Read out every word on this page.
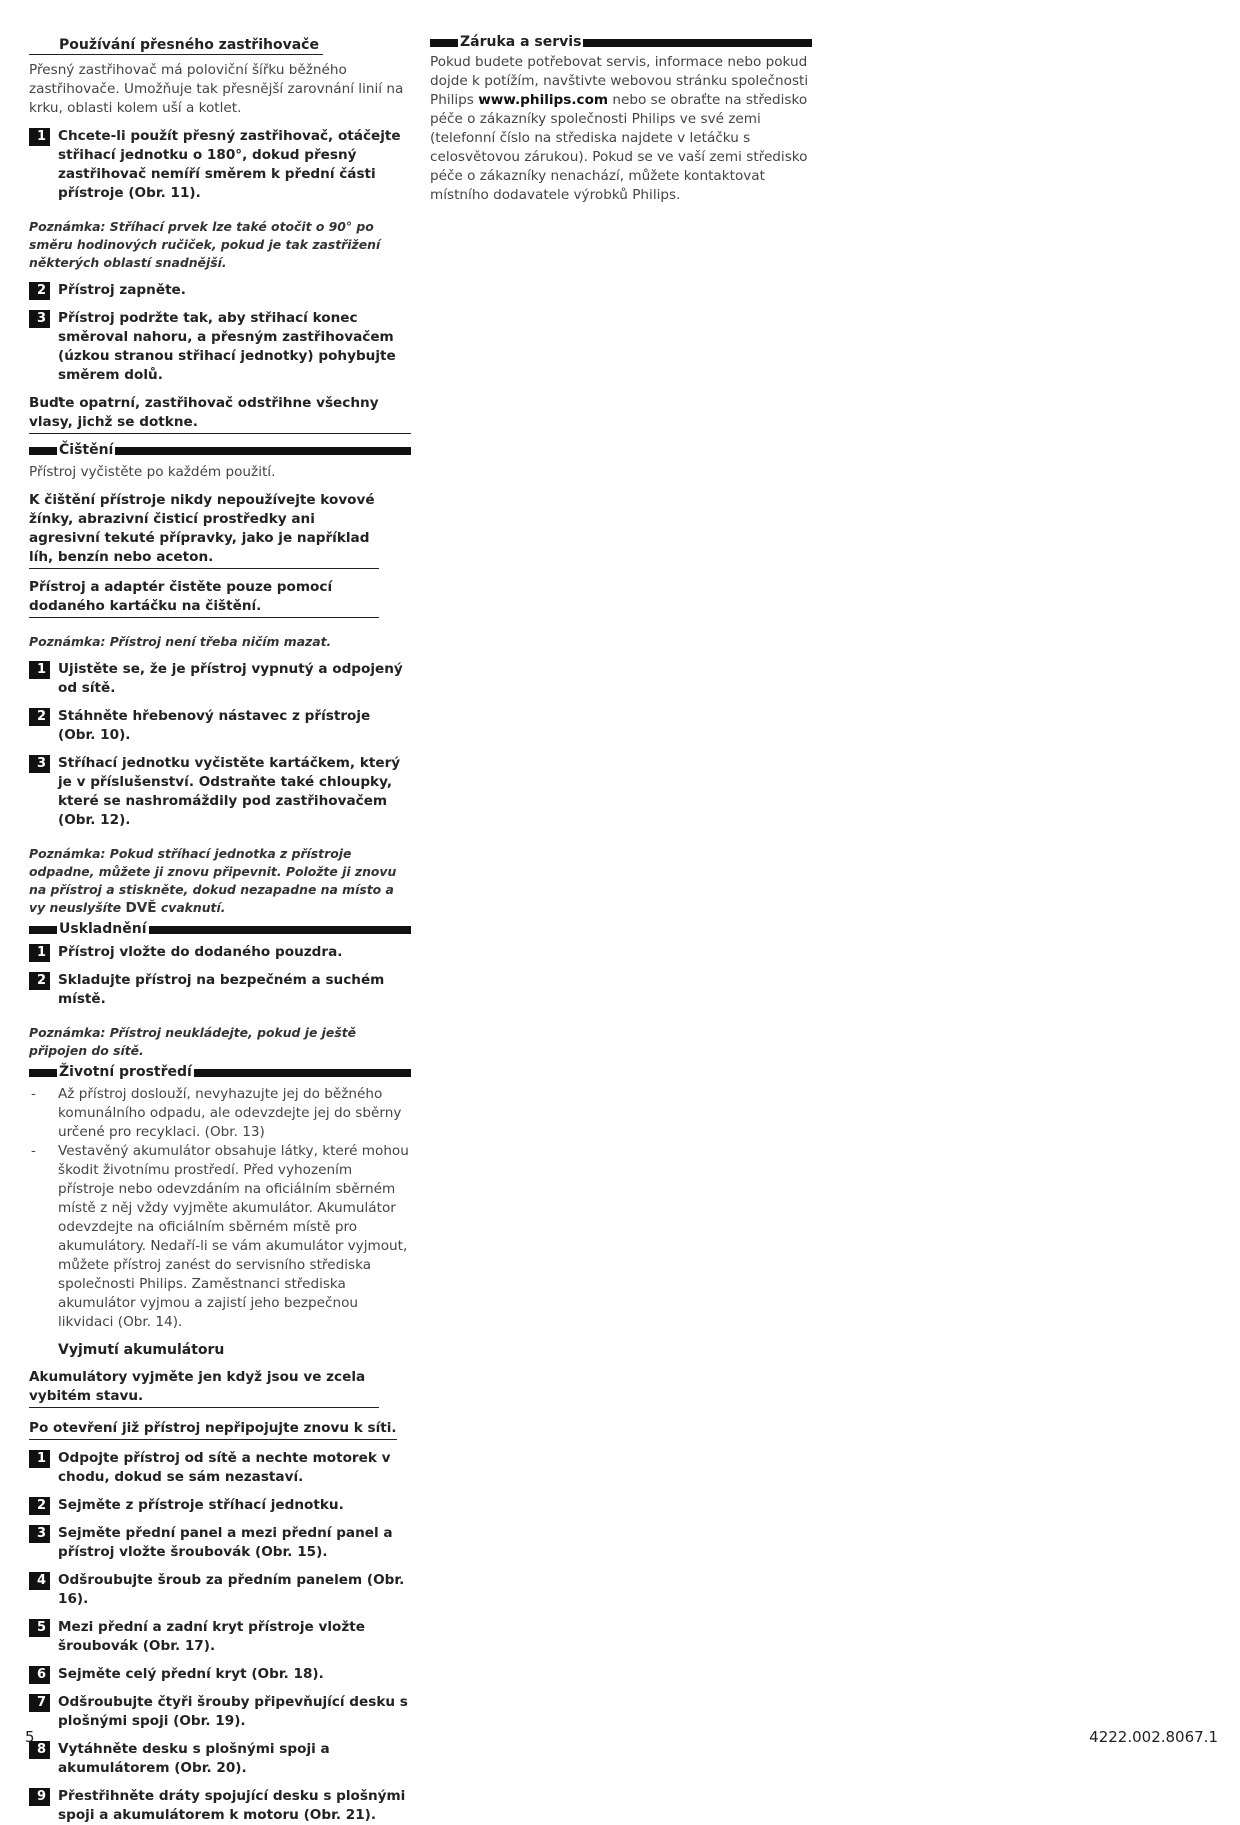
Používání přesného zastřihovače

Přesný zastřihovač má poloviční šířku běžného zastřihovače. Umožňuje tak přesnější zarovnání linií na krku, oblasti kolem uší a kotlet.

1 Chcete-li použít přesný zastřihovač, otáčejte střihací jednotku o 180°, dokud přesný zastřihovač nemíří směrem k přední části přístroje (Obr. 11).

Poznámka: Stříhací prvek lze také otočit o 90° po směru hodinových ručiček, pokud je tak zastřižení některých oblastí snadnější.

2 Přístroj zapněte.
3 Přístroj podržte tak, aby střihací konec směroval nahoru, a přesným zastřihovačem (úzkou stranou střihací jednotky) pohybujte směrem dolů.
Buďte opatrní, zastřihovač odstřihne všechny vlasy, jichž se dotkne.
Čištění

Přístroj vyčistěte po každém použití.

K čištění přístroje nikdy nepoužívejte kovové žínky, abrazivní čisticí prostředky ani agresivní tekuté přípravky, jako je například líh, benzín nebo aceton.
Přístroj a adaptér čistěte pouze pomocí dodaného kartáčku na čištění.

Poznámka: Přístroj není třeba ničím mazat.

1 Ujistěte se, že je přístroj vypnutý a odpojený od sítě.
2 Stáhněte hřebenový nástavec z přístroje (Obr. 10).
3 Stříhací jednotku vyčistěte kartáčkem, který je v příslušenství. Odstraňte také chloupky, které se nashromáždily pod zastřihovačem (Obr. 12).

Poznámka: Pokud stříhací jednotka z přístroje odpadne, můžete ji znovu připevnit. Položte ji znovu na přístroj a stiskněte, dokud nezapadne na místo a vy neuslyšíte DVĚ cvaknutí.

Uskladnění
1 Přístroj vložte do dodaného pouzdra.
2 Skladujte přístroj na bezpečném a suchém místě.

Poznámka: Přístroj neukládejte, pokud je ještě připojen do sítě.

Životní prostředí
-	Až přístroj doslouží, nevyhazujte jej do běžného komunálního odpadu, ale odevzdejte jej do sběrny určené pro recyklaci. (Obr. 13)
-	Vestavěný akumulátor obsahuje látky, které mohou škodit životnímu prostředí. Před vyhozením přístroje nebo odevzdáním na oficiálním sběrném místě z něj vždy vyjměte akumulátor. Akumulátor odevzdejte na oficiálním sběrném místě pro akumulátory. Nedaří-li se vám akumulátor vyjmout, můžete přístroj zanést do servisního střediska společnosti Philips. Zaměstnanci střediska akumulátor vyjmou a zajistí jeho bezpečnou likvidaci (Obr. 14).
Vyjmutí akumulátoru
Akumulátory vyjměte jen když jsou ve zcela vybitém stavu.
Po otevření již přístroj nepřipojujte znovu k síti.
1 Odpojte přístroj od sítě a nechte motorek v chodu, dokud se sám nezastaví.
2 Sejměte z přístroje stříhací jednotku.
3 Sejměte přední panel a mezi přední panel a přístroj vložte šroubovák (Obr. 15).
4 Odšroubujte šroub za předním panelem (Obr. 16).
5 Mezi přední a zadní kryt přístroje vložte šroubovák (Obr. 17).
6 Sejměte celý přední kryt (Obr. 18).
7 Odšroubujte čtyři šrouby připevňující desku s plošnými spoji (Obr. 19).
8 Vytáhněte desku s plošnými spoji a akumulátorem (Obr. 20).
9 Přestřihněte dráty spojující desku s plošnými spoji a akumulátorem k motoru (Obr. 21).
Záruka a servis

Pokud budete potřebovat servis, informace nebo pokud dojde k potížím, navštivte webovou stránku společnosti Philips www.philips.com nebo se obraťte na středisko péče o zákazníky společnosti Philips ve své zemi (telefonní číslo na střediska najdete v letáčku s celosvětovou zárukou). Pokud se ve vaší zemi středisko péče o zákazníky nenachází, můžete kontaktovat místního dodavatele výrobků Philips.

5	4222.002.8067.1
